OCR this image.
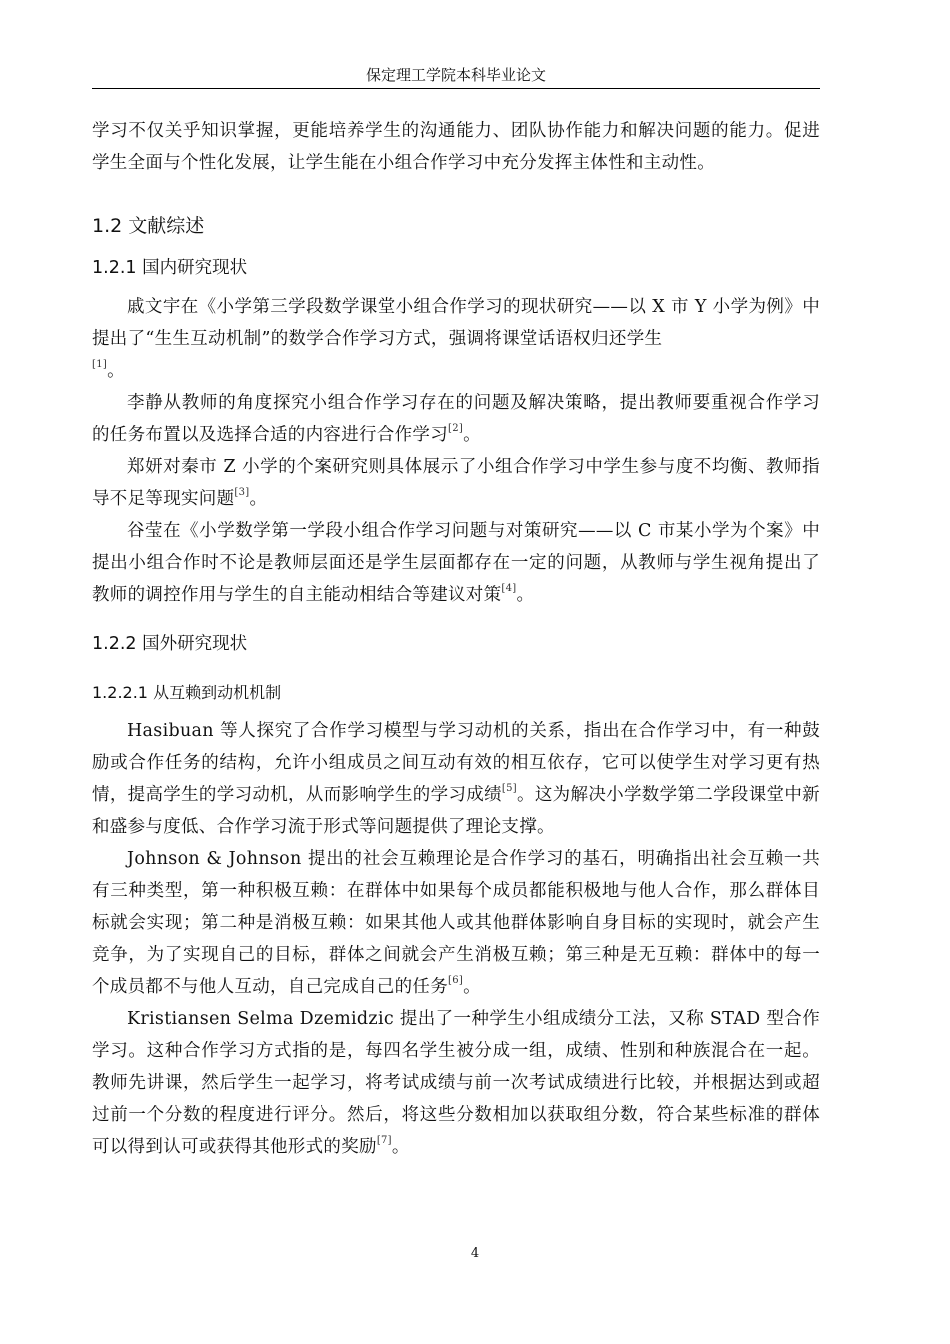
保定理工学院本科毕业论文

学习不仅关乎知识掌握，更能培养学生的沟通能力、团队协作能力和解决问题的能力。促进学生全面与个性化发展，让学生能在小组合作学习中充分发挥主体性和主动性。

1.2 文献综述
1.2.1 国内研究现状

戚文宇在《小学第三学段数学课堂小组合作学习的现状研究——以 X 市 Y 小学为例》中提出了“生生互动机制”的数学合作学习方式，强调将课堂话语权归还学生
[1]。

李静从教师的角度探究小组合作学习存在的问题及解决策略，提出教师要重视合作学习的任务布置以及选择合适的内容进行合作学习[2]。

郑妍对秦市 Z 小学的个案研究则具体展示了小组合作学习中学生参与度不均衡、教师指导不足等现实问题[3]。

谷莹在《小学数学第一学段小组合作学习问题与对策研究——以 C 市某小学为个案》中提出小组合作时不论是教师层面还是学生层面都存在一定的问题，从教师与学生视角提出了教师的调控作用与学生的自主能动相结合等建议对策[4]。

1.2.2 国外研究现状
1.2.2.1 从互赖到动机机制

Hasibuan 等人探究了合作学习模型与学习动机的关系，指出在合作学习中，有一种鼓励或合作任务的结构，允许小组成员之间互动有效的相互依存，它可以使学生对学习更有热情，提高学生的学习动机，从而影响学生的学习成绩[5]。这为解决小学数学第二学段课堂中新和盛参与度低、合作学习流于形式等问题提供了理论支撑。

Johnson & Johnson 提出的社会互赖理论是合作学习的基石，明确指出社会互赖一共有三种类型，第一种积极互赖：在群体中如果每个成员都能积极地与他人合作，那么群体目标就会实现；第二种是消极互赖：如果其他人或其他群体影响自身目标的实现时，就会产生竞争，为了实现自己的目标，群体之间就会产生消极互赖；第三种是无互赖：群体中的每一个成员都不与他人互动，自己完成自己的任务[6]。

Kristiansen Selma Dzemidzic 提出了一种学生小组成绩分工法，又称 STAD 型合作学习。这种合作学习方式指的是，每四名学生被分成一组，成绩、性别和种族混合在一起。教师先讲课，然后学生一起学习，将考试成绩与前一次考试成绩进行比较，并根据达到或超过前一个分数的程度进行评分。然后，将这些分数相加以获取组分数，符合某些标准的群体可以得到认可或获得其他形式的奖励[7]。

4
